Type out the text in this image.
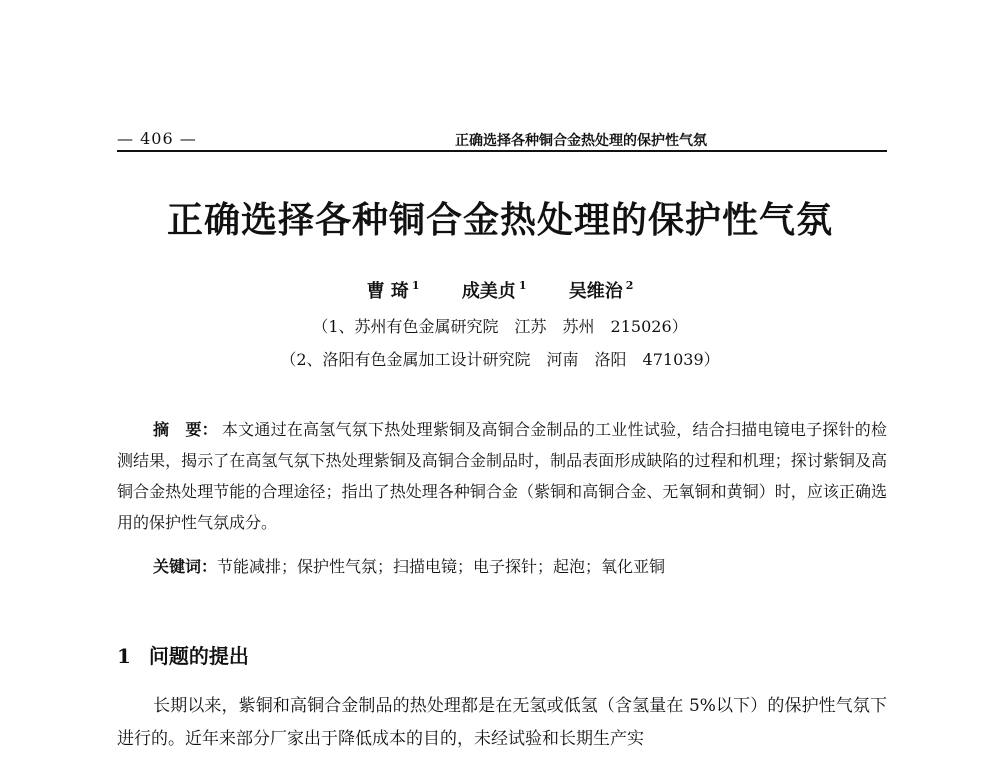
— 406 —	正确选择各种铜合金热处理的保护性气氛
正确选择各种铜合金热处理的保护性气氛
曹 琦 $^1$ 成美贞 $^1$ 吴维治 $^2$
（1、苏州有色金属研究院　江苏　苏州　215026）
（2、洛阳有色金属加工设计研究院　河南　洛阳　471039）
摘　要： 本文通过在高氢气氛下热处理紫铜及高铜合金制品的工业性试验，结合扫描电镜电子探针的检测结果，揭示了在高氢气氛下热处理紫铜及高铜合金制品时，制品表面形成缺陷的过程和机理；探讨紫铜及高铜合金热处理节能的合理途径；指出了热处理各种铜合金（紫铜和高铜合金、无氧铜和黄铜）时，应该正确选用的保护性气氛成分。
关键词：节能减排；保护性气氛；扫描电镜；电子探针；起泡；氧化亚铜
1 问题的提出
长期以来，紫铜和高铜合金制品的热处理都是在无氢或低氢（含氢量在 5%以下）的保护性气氛下进行的。近年来部分厂家出于降低成本的目的，未经试验和长期生产实
